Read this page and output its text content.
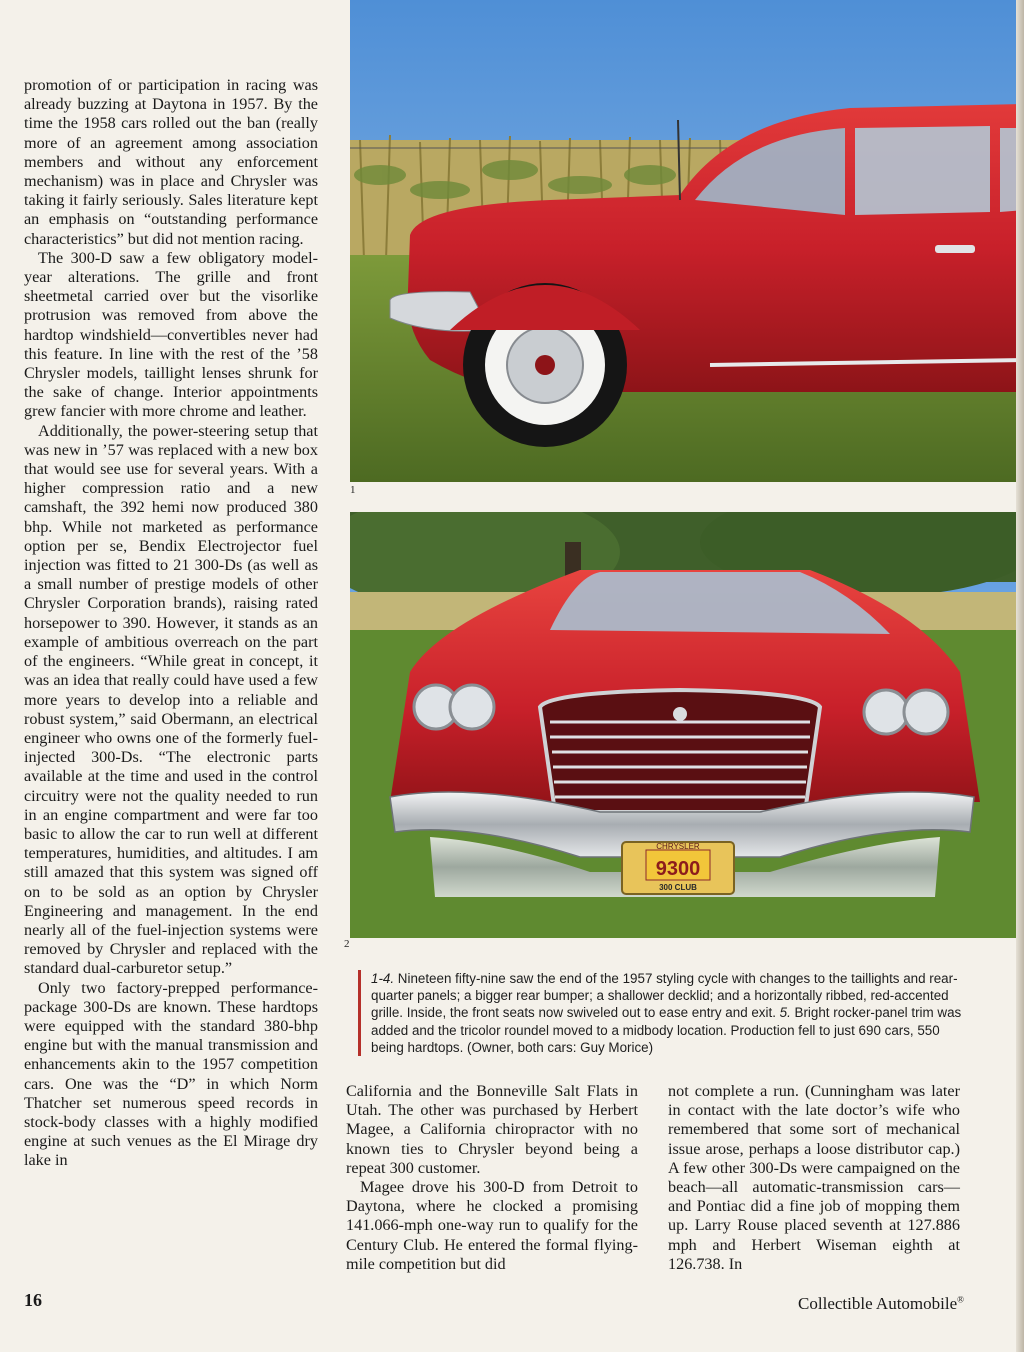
promotion of or participation in racing was already buzzing at Daytona in 1957. By the time the 1958 cars rolled out the ban (really more of an agreement among association members and without any enforcement mechanism) was in place and Chrysler was taking it fairly seriously. Sales literature kept an emphasis on “outstanding performance characteristics” but did not mention racing.

The 300-D saw a few obligatory model-year alterations. The grille and front sheetmetal carried over but the visorlike protrusion was removed from above the hardtop windshield—convertibles never had this feature. In line with the rest of the ’58 Chrysler models, taillight lenses shrunk for the sake of change. Interior appointments grew fancier with more chrome and leather.

Additionally, the power-steering setup that was new in ’57 was replaced with a new box that would see use for several years. With a higher compression ratio and a new camshaft, the 392 hemi now produced 380 bhp. While not marketed as performance option per se, Bendix Electrojector fuel injection was fitted to 21 300-Ds (as well as a small number of prestige models of other Chrysler Corporation brands), raising rated horsepower to 390. However, it stands as an example of ambitious overreach on the part of the engineers. “While great in concept, it was an idea that really could have used a few more years to develop into a reliable and robust system,” said Obermann, an electrical engineer who owns one of the formerly fuel-injected 300-Ds. “The electronic parts available at the time and used in the control circuitry were not the quality needed to run in an engine compartment and were far too basic to allow the car to run well at different temperatures, humidities, and altitudes. I am still amazed that this system was signed off on to be sold as an option by Chrysler Engineering and management. In the end nearly all of the fuel-injection systems were removed by Chrysler and replaced with the standard dual-carburetor setup.”

Only two factory-prepped performance-package 300-Ds are known. These hardtops were equipped with the standard 380-bhp engine but with the manual transmission and enhancements akin to the 1957 competition cars. One was the “D” in which Norm Thatcher set numerous speed records in stock-body classes with a highly modified engine at such venues as the El Mirage dry lake in

1
CHRYSLER
9300
300 CLUB
2
1-4. Nineteen fifty-nine saw the end of the 1957 styling cycle with changes to the taillights and rear-quarter panels; a bigger rear bumper; a shallower decklid; and a horizontally ribbed, red-accented grille. Inside, the front seats now swiveled out to ease entry and exit. 5. Bright rocker-panel trim was added and the tricolor roundel moved to a midbody location. Production fell to just 690 cars, 550 being hardtops. (Owner, both cars: Guy Morice)

California and the Bonneville Salt Flats in Utah. The other was purchased by Herbert Magee, a California chiropractor with no known ties to Chrysler beyond being a repeat 300 customer.

Magee drove his 300-D from Detroit to Daytona, where he clocked a promising 141.066-mph one-way run to qualify for the Century Club. He entered the formal flying-mile competition but did

not complete a run. (Cunningham was later in contact with the late doctor’s wife who remembered that some sort of mechanical issue arose, perhaps a loose distributor cap.) A few other 300-Ds were campaigned on the beach—all automatic-transmission cars—and Pontiac did a fine job of mopping them up. Larry Rouse placed seventh at 127.886 mph and Herbert Wiseman eighth at 126.738. In

16	Collectible Automobile®
